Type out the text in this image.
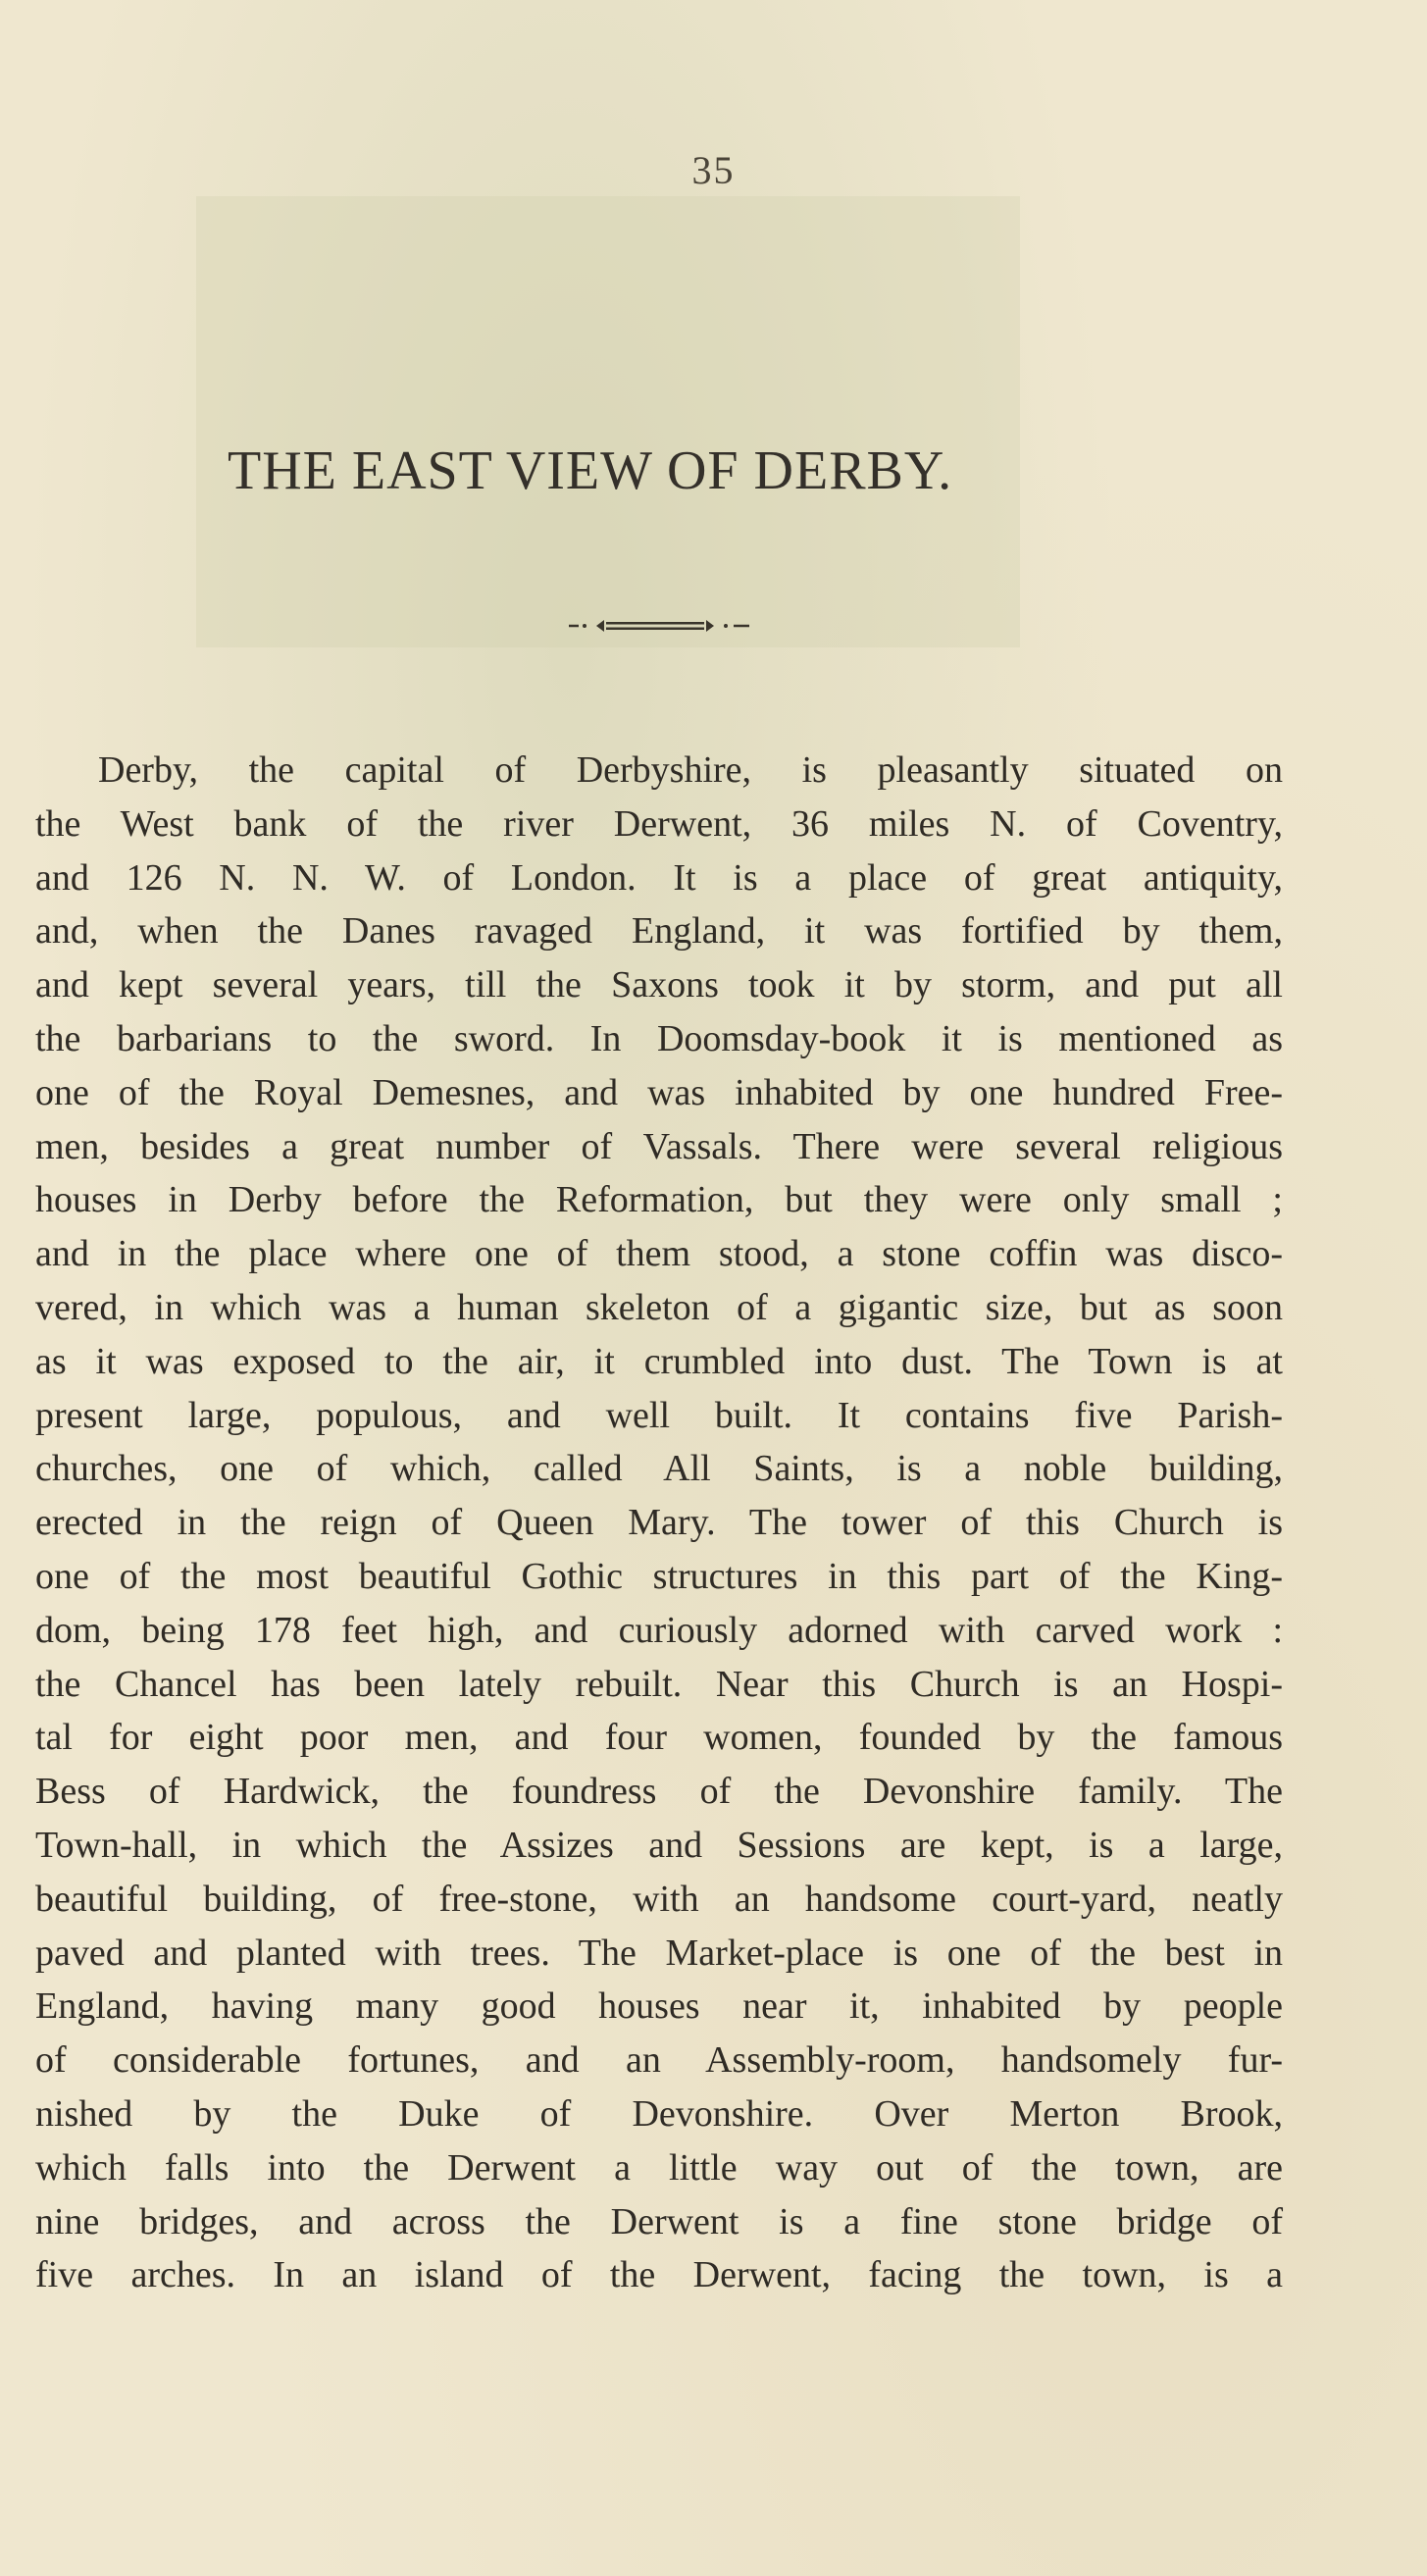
35
THE EAST VIEW OF DERBY.
Derby, the capital of Derbyshire, is pleasantly situated on
the West bank of the river Derwent, 36 miles N. of Coventry,
and 126 N. N. W. of London. It is a place of great antiquity,
and, when the Danes ravaged England, it was fortified by them,
and kept several years, till the Saxons took it by storm, and put all
the barbarians to the sword. In Doomsday-book it is mentioned as
one of the Royal Demesnes, and was inhabited by one hundred Free-
men, besides a great number of Vassals. There were several religious
houses in Derby before the Reformation, but they were only small ;
and in the place where one of them stood, a stone coffin was disco-
vered, in which was a human skeleton of a gigantic size, but as soon
as it was exposed to the air, it crumbled into dust. The Town is at
present large, populous, and well built. It contains five Parish-
churches, one of which, called All Saints, is a noble building,
erected in the reign of Queen Mary. The tower of this Church is
one of the most beautiful Gothic structures in this part of the King-
dom, being 178 feet high, and curiously adorned with carved work :
the Chancel has been lately rebuilt. Near this Church is an Hospi-
tal for eight poor men, and four women, founded by the famous
Bess of Hardwick, the foundress of the Devonshire family. The
Town-hall, in which the Assizes and Sessions are kept, is a large,
beautiful building, of free-stone, with an handsome court-yard, neatly
paved and planted with trees. The Market-place is one of the best in
England, having many good houses near it, inhabited by people
of considerable fortunes, and an Assembly-room, handsomely fur-
nished by the Duke of Devonshire. Over Merton Brook,
which falls into the Derwent a little way out of the town, are
nine bridges, and across the Derwent is a fine stone bridge of
five arches. In an island of the Derwent, facing the town, is a
